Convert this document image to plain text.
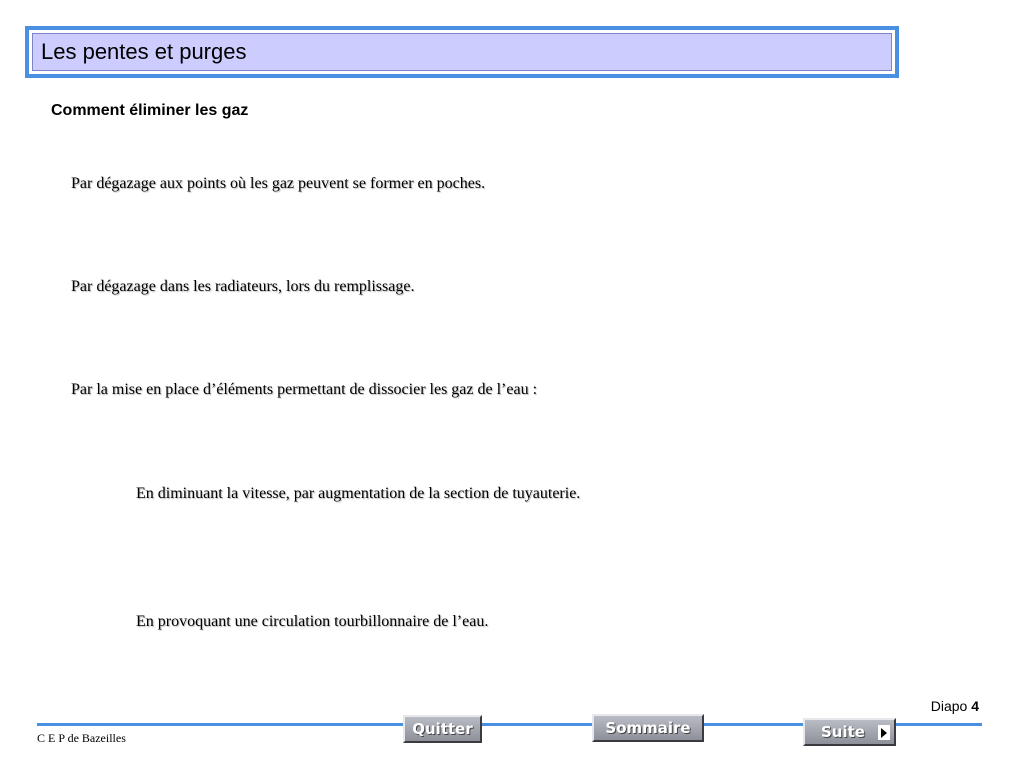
Les pentes et purges
Comment éliminer les gaz
Par dégazage aux points où les gaz peuvent se former en poches.
Par dégazage dans les radiateurs, lors du remplissage.
Par la mise en place d’éléments permettant de dissocier les gaz de l’eau :
En diminuant la vitesse, par augmentation de la section de tuyauterie.
En provoquant une circulation tourbillonnaire de l’eau.
Diapo 4
C E P de Bazeilles	Quitter	Sommaire	Suite
